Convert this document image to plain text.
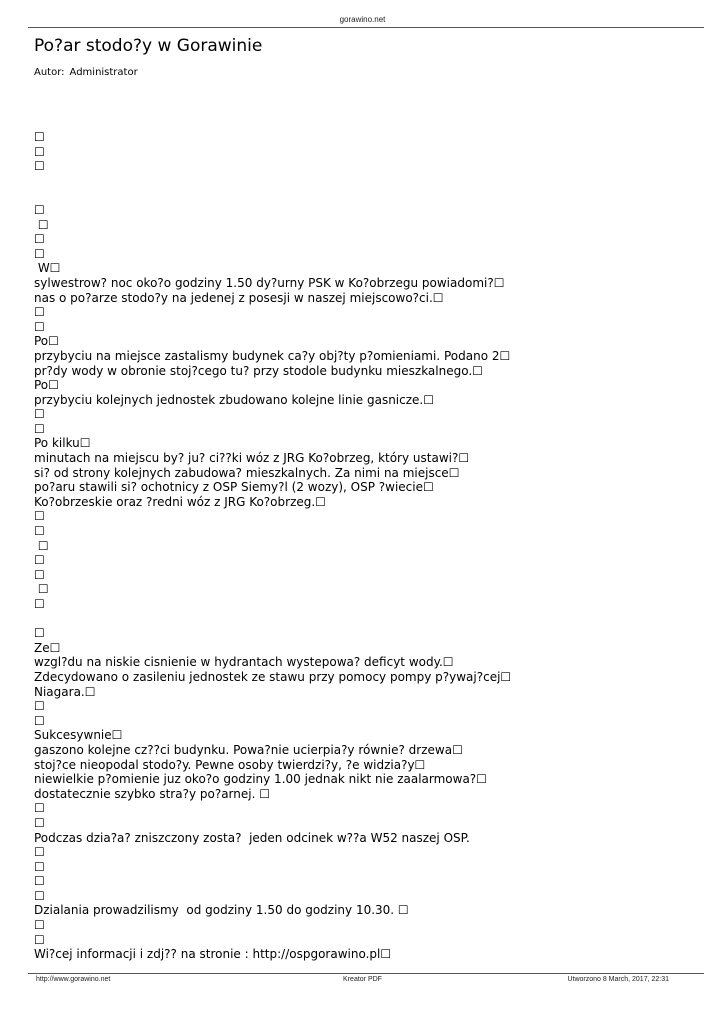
gorawino.net
Po?ar stodo?y w Gorawinie
Autor: Administrator
☐
☐
☐
☐
☐
☐
☐
W☐
sylwestrow? noc oko?o godziny 1.50 dy?urny PSK w Ko?obrzegu powiadomi?☐
nas o po?arze stodo?y na jedenej z posesji w naszej miejscowo?ci.☐
☐
☐
Po☐
przybyciu na miejsce zastalismy budynek ca?y obj?ty p?omieniami. Podano 2☐
pr?dy wody w obronie stoj?cego tu? przy stodole budynku mieszkalnego.☐
Po☐
przybyciu kolejnych jednostek zbudowano kolejne linie gasnicze.☐
☐
☐
Po kilku☐
minutach na miejscu by? ju? ci??ki wóz z JRG Ko?obrzeg, który ustawi?☐
si? od strony kolejnych zabudowa? mieszkalnych. Za nimi na miejsce☐
po?aru stawili si? ochotnicy z OSP Siemy?l (2 wozy), OSP ?wiecie☐
Ko?obrzeskie oraz ?redni wóz z JRG Ko?obrzeg.☐
☐
☐
☐
☐
☐
☐
☐
☐
Ze☐
wzgl?du na niskie cisnienie w hydrantach wystepowa? deficyt wody.☐
Zdecydowano o zasileniu jednostek ze stawu przy pomocy pompy p?ywaj?cej☐
Niagara.☐
☐
☐
Sukcesywnie☐
gaszono kolejne cz??ci budynku. Powa?nie ucierpia?y równie? drzewa☐
stoj?ce nieopodal stodo?y. Pewne osoby twierdzi?y, ?e widzia?y☐
niewielkie p?omienie juz oko?o godziny 1.00 jednak nikt nie zaalarmowa?☐
dostatecznie szybko stra?y po?arnej. ☐
☐
☐
Podczas dzia?a? zniszczony zosta?  jeden odcinek w??a W52 naszej OSP.
☐
☐
☐
☐
Dzialania prowadzilismy  od godziny 1.50 do godziny 10.30. ☐
☐
☐
Wi?cej informacji i zdj?? na stronie : http://ospgorawino.pl☐
http://www.gorawino.net	Kreator PDF	Utworzono 8 March, 2017, 22:31
